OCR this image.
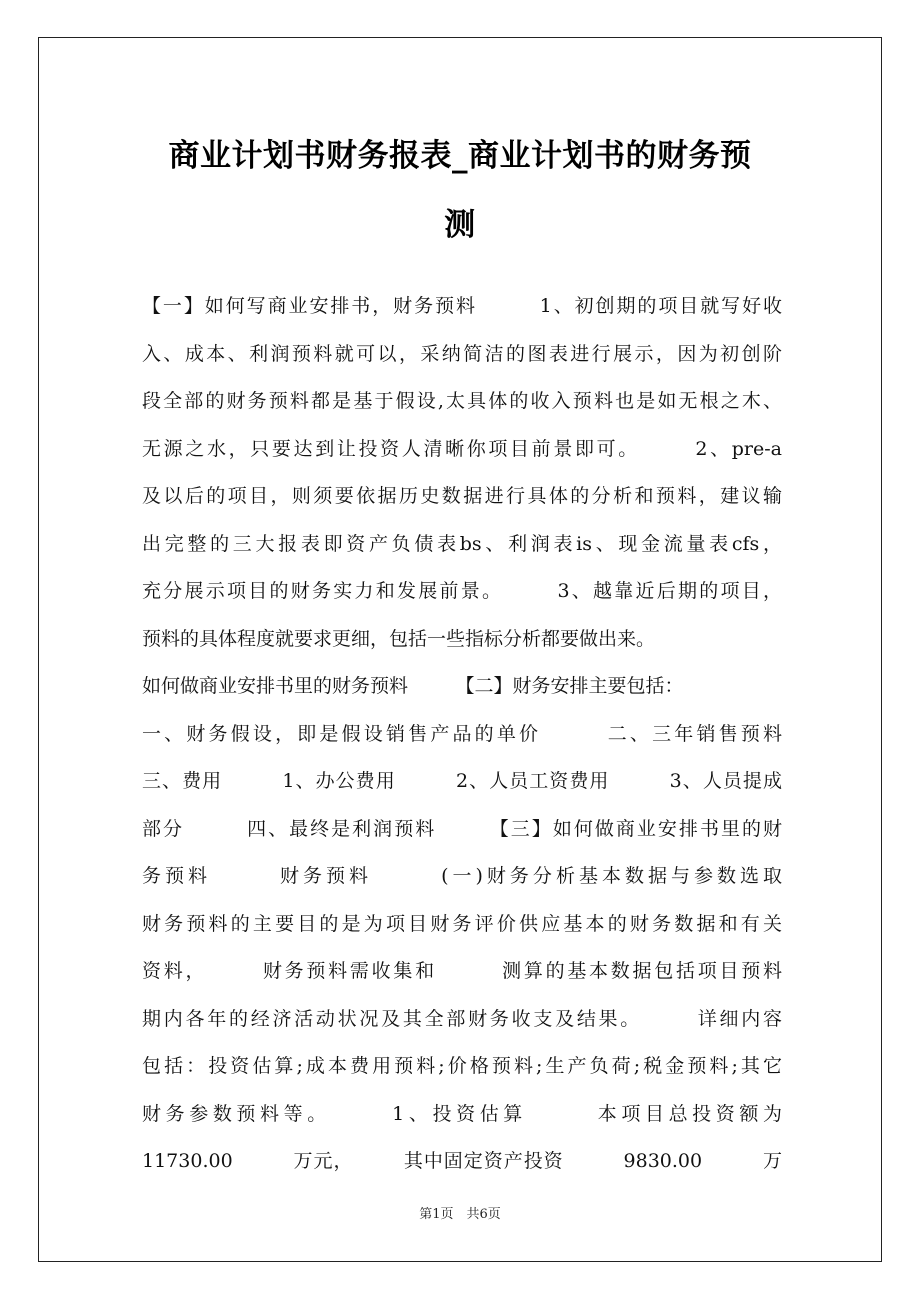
商业计划书财务报表_商业计划书的财务预
测
【一】如何写商业安排书，财务预料　　　1、初创期的项目就写好收
入、成本、利润预料就可以，采纳简洁的图表进行展示，因为初创阶
段全部的财务预料都是基于假设,太具体的收入预料也是如无根之木、
无源之水，只要达到让投资人清晰你项目前景即可。　　　2、pre-a
及以后的项目，则须要依据历史数据进行具体的分析和预料，建议输
出完整的三大报表即资产负债表bs、利润表is、现金流量表cfs，
充分展示项目的财务实力和发展前景。　　　3、越靠近后期的项目，
预料的具体程度就要求更细，包括一些指标分析都要做出来。
如何做商业安排书里的财务预料　　　【二】财务安排主要包括：
一、财务假设，即是假设销售产品的单价　　　二、三年销售预料
三、费用　　　1、办公费用　　　2、人员工资费用　　　3、人员提成
部分　　　四、最终是利润预料　　　【三】如何做商业安排书里的财
务预料　　　财务预料　　　(一)财务分析基本数据与参数选取
财务预料的主要目的是为项目财务评价供应基本的财务数据和有关
资料，　　　财务预料需收集和　　　测算的基本数据包括项目预料
期内各年的经济活动状况及其全部财务收支及结果。　　　详细内容
包括：投资估算;成本费用预料;价格预料;生产负荷;税金预料;其它
财务参数预料等。　　　1、投资估算　　　本项目总投资额为
11730.00　　　万元，　　　其中固定资产投资　　　9830.00　　　万
第1页　共6页
